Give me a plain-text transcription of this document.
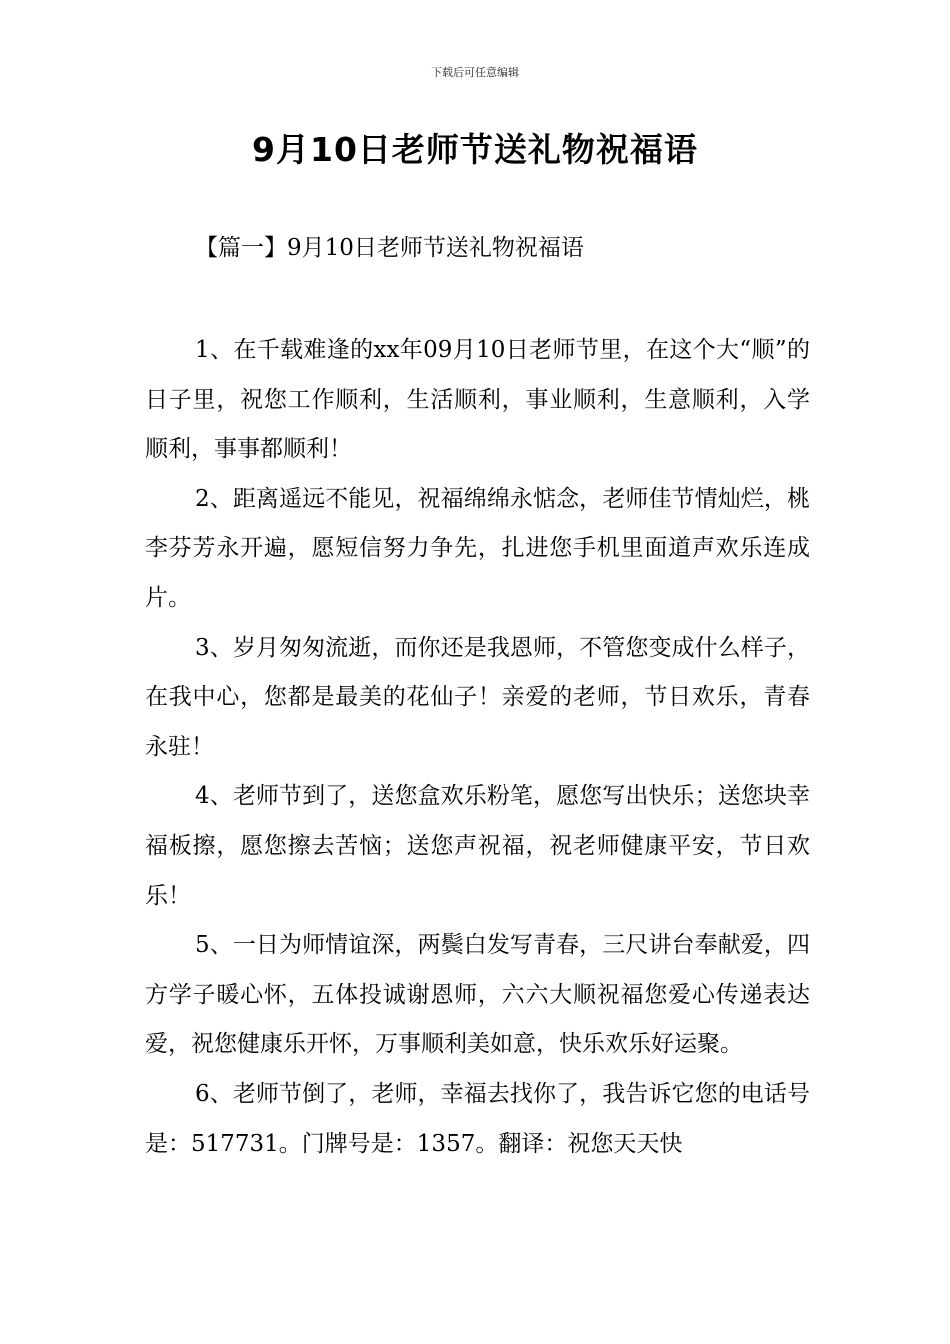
下载后可任意编辑
9月10日老师节送礼物祝福语
【篇一】9月10日老师节送礼物祝福语

1、在千载难逢的xx年09月10日老师节里，在这个大“顺”的日子里，祝您工作顺利，生活顺利，事业顺利，生意顺利，入学顺利，事事都顺利！

2、距离遥远不能见，祝福绵绵永惦念，老师佳节情灿烂，桃李芬芳永开遍，愿短信努力争先，扎进您手机里面道声欢乐连成片。

3、岁月匆匆流逝，而你还是我恩师，不管您变成什么样子，在我中心，您都是最美的花仙子！亲爱的老师，节日欢乐，青春永驻！

4、老师节到了，送您盒欢乐粉笔，愿您写出快乐；送您块幸福板擦，愿您擦去苦恼；送您声祝福，祝老师健康平安，节日欢乐！

5、一日为师情谊深，两鬓白发写青春，三尺讲台奉献爱，四方学子暖心怀，五体投诚谢恩师，六六大顺祝福您爱心传递表达爱，祝您健康乐开怀，万事顺利美如意，快乐欢乐好运聚。

6、老师节倒了，老师，幸福去找你了，我告诉它您的电话号是：517731。门牌号是：1357。翻译：祝您天天快
